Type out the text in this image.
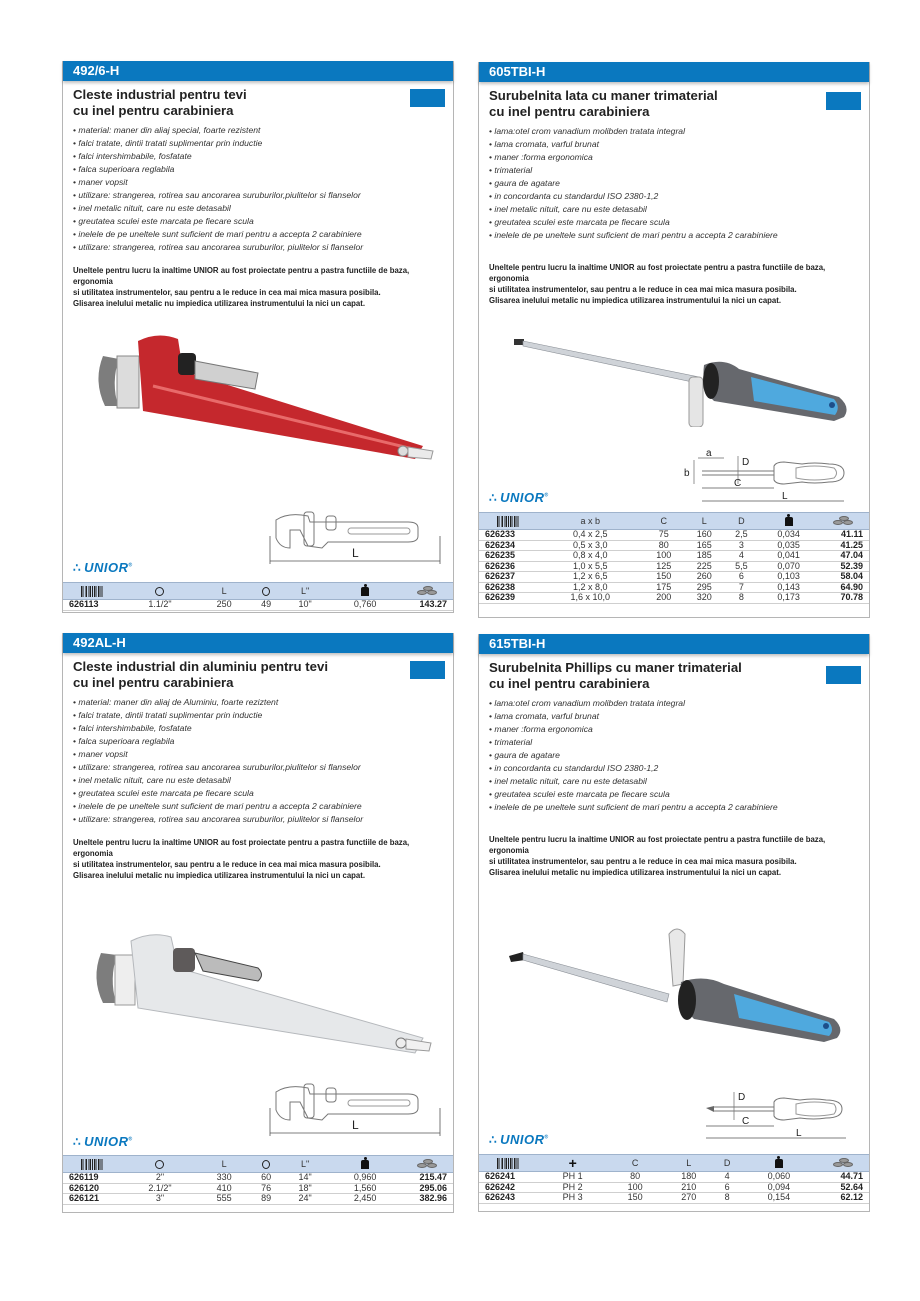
492/6-H
Cleste industrial pentru tevi
cu inel pentru carabiniera
• material: maner din aliaj special, foarte rezistent
• falci tratate, dintii tratati suplimentar prin inductie
• falci intershimbabile, fosfatate
• falca superioara reglabila
• maner vopsit
• utilizare: strangerea, rotirea sau ancorarea suruburilor,piulitelor si flanselor
• inel metalic nituit, care nu este detasabil
• greutatea sculei este marcata pe fiecare scula
• inelele de pe uneltele sunt suficient de mari pentru a accepta 2 carabiniere
• utilizare: strangerea, rotirea sau ancorarea suruburilor, piulitelor si flanselor
Uneltele pentru lucru la inaltime UNIOR au fost proiectate pentru a pastra functiile de baza, ergonomia
si utilitatea instrumentelor, sau pentru a le reduce in cea mai mica masura posibila.
Glisarea inelului metalic nu impiedica utilizarea instrumentului la nici un capat.
L
∴ UNIOR®
		L		L"		

626113	1.1/2"	250	49	10"	0,760	143.27
605TBI-H
Surubelnita lata cu maner trimaterial
cu inel pentru carabiniera
• lama:otel crom vanadium molibden tratata integral
• lama cromata, varful brunat
• maner :forma ergonomica
• trimaterial
• gaura de agatare
• in concordanta cu standardul ISO 2380-1,2
• inel metalic nituit, care nu este detasabil
• greutatea sculei este marcata pe fiecare scula
• inelele de pe uneltele sunt suficient de mari pentru a accepta 2 carabiniere
Uneltele pentru lucru la inaltime UNIOR au fost proiectate pentru a pastra functiile de baza, ergonomia
si utilitatea instrumentelor, sau pentru a le reduce in cea mai mica masura posibila.
Glisarea inelului metalic nu impiedica utilizarea instrumentului la nici un capat.
a
b
D
C
L
∴ UNIOR®
	a x b	C	L	D		

626233	0,4 x 2,5	75	160	2,5	0,034	41.11
626234	0,5 x 3,0	80	165	3	0,035	41.25
626235	0,8 x 4,0	100	185	4	0,041	47.04
626236	1,0 x 5,5	125	225	5,5	0,070	52.39
626237	1,2 x 6,5	150	260	6	0,103	58.04
626238	1,2 x 8,0	175	295	7	0,143	64.90
626239	1,6 x 10,0	200	320	8	0,173	70.78
492AL-H
Cleste industrial din aluminiu pentru tevi
cu inel pentru carabiniera
• material: maner din aliaj de Aluminiu, foarte reziztent
• falci tratate, dintii tratati suplimentar prin inductie
• falci intershimbabile, fosfatate
• falca superioara reglabila
• maner vopsit
• utilizare: strangerea, rotirea sau ancorarea suruburilor,piulitelor si flanselor
• inel metalic nituit, care nu este detasabil
• greutatea sculei este marcata pe fiecare scula
• inelele de pe uneltele sunt suficient de mari pentru a accepta 2 carabiniere
• utilizare: strangerea, rotirea sau ancorarea suruburilor, piulitelor si flanselor
Uneltele pentru lucru la inaltime UNIOR au fost proiectate pentru a pastra functiile de baza, ergonomia
si utilitatea instrumentelor, sau pentru a le reduce in cea mai mica masura posibila.
Glisarea inelului metalic nu impiedica utilizarea instrumentului la nici un capat.
L
∴ UNIOR®
		L		L"		

626119	2"	330	60	14"	0,960	215.47
626120	2.1/2"	410	76	18"	1,560	295.06
626121	3"	555	89	24"	2,450	382.96
615TBI-H
Surubelnita Phillips cu maner trimaterial
cu inel pentru carabiniera
• lama:otel crom vanadium molibden tratata integral
• lama cromata, varful brunat
• maner :forma ergonomica
• trimaterial
• gaura de agatare
• in concordanta cu standardul ISO 2380-1,2
• inel metalic nituit, care nu este detasabil
• greutatea sculei este marcata pe fiecare scula
• inelele de pe uneltele sunt suficient de mari pentru a accepta 2 carabiniere
Uneltele pentru lucru la inaltime UNIOR au fost proiectate pentru a pastra functiile de baza, ergonomia
si utilitatea instrumentelor, sau pentru a le reduce in cea mai mica masura posibila.
Glisarea inelului metalic nu impiedica utilizarea instrumentului la nici un capat.
D
C
L
∴ UNIOR®
	+	C	L	D		

626241	PH 1	80	180	4	0,060	44.71
626242	PH 2	100	210	6	0,094	52.64
626243	PH 3	150	270	8	0,154	62.12
